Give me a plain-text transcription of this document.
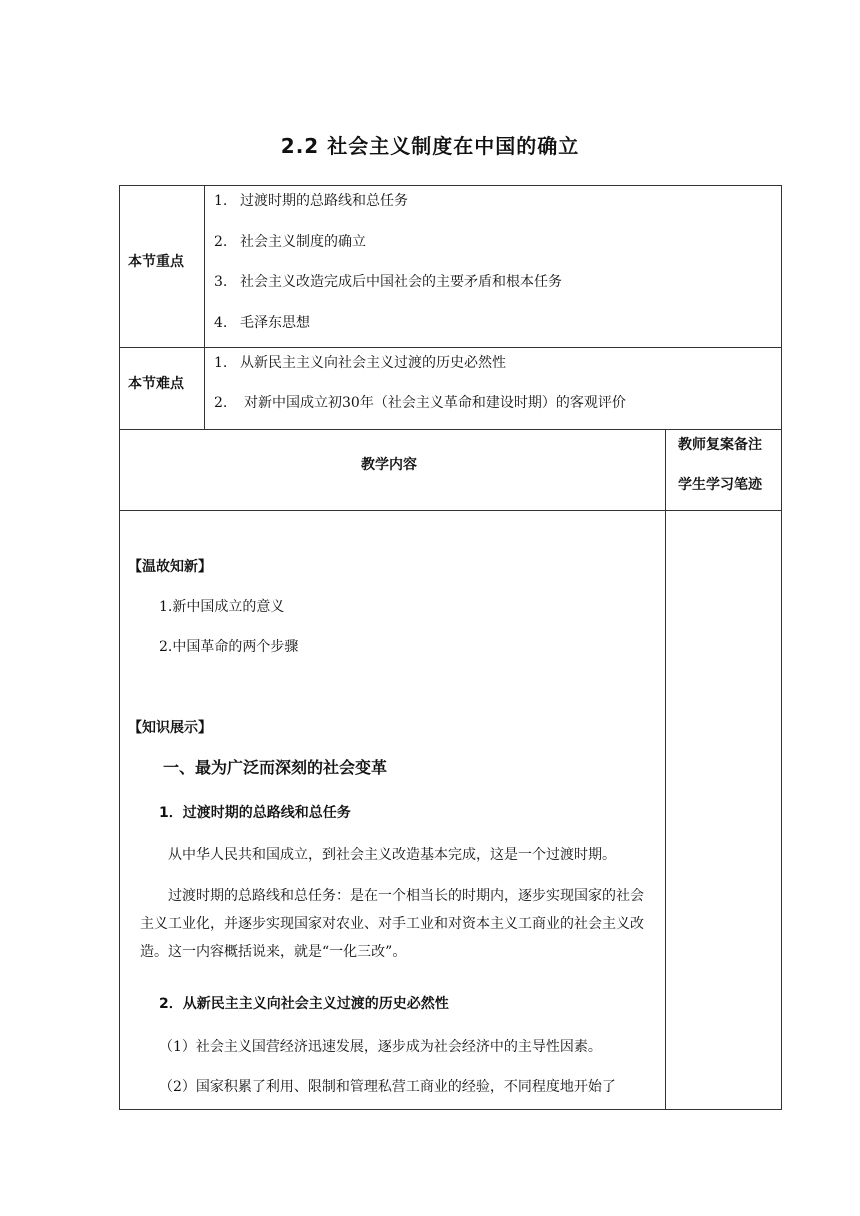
2.2 社会主义制度在中国的确立
本节重点
1. 过渡时期的总路线和总任务
2. 社会主义制度的确立
3. 社会主义改造完成后中国社会的主要矛盾和根本任务
4. 毛泽东思想
本节难点
1. 从新民主主义向社会主义过渡的历史必然性
2. 对新中国成立初30年（社会主义革命和建设时期）的客观评价
教学内容
教师复案备注
学生学习笔迹
【温故知新】
1.新中国成立的意义
2.中国革命的两个步骤
【知识展示】
一、最为广泛而深刻的社会变革
1．过渡时期的总路线和总任务
从中华人民共和国成立，到社会主义改造基本完成，这是一个过渡时期。
过渡时期的总路线和总任务：是在一个相当长的时期内，逐步实现国家的社会主义工业化，并逐步实现国家对农业、对手工业和对资本主义工商业的社会主义改造。这一内容概括说来，就是“一化三改”。
2．从新民主主义向社会主义过渡的历史必然性
（1）社会主义国营经济迅速发展，逐步成为社会经济中的主导性因素。
（2）国家积累了利用、限制和管理私营工商业的经验，不同程度地开始了
